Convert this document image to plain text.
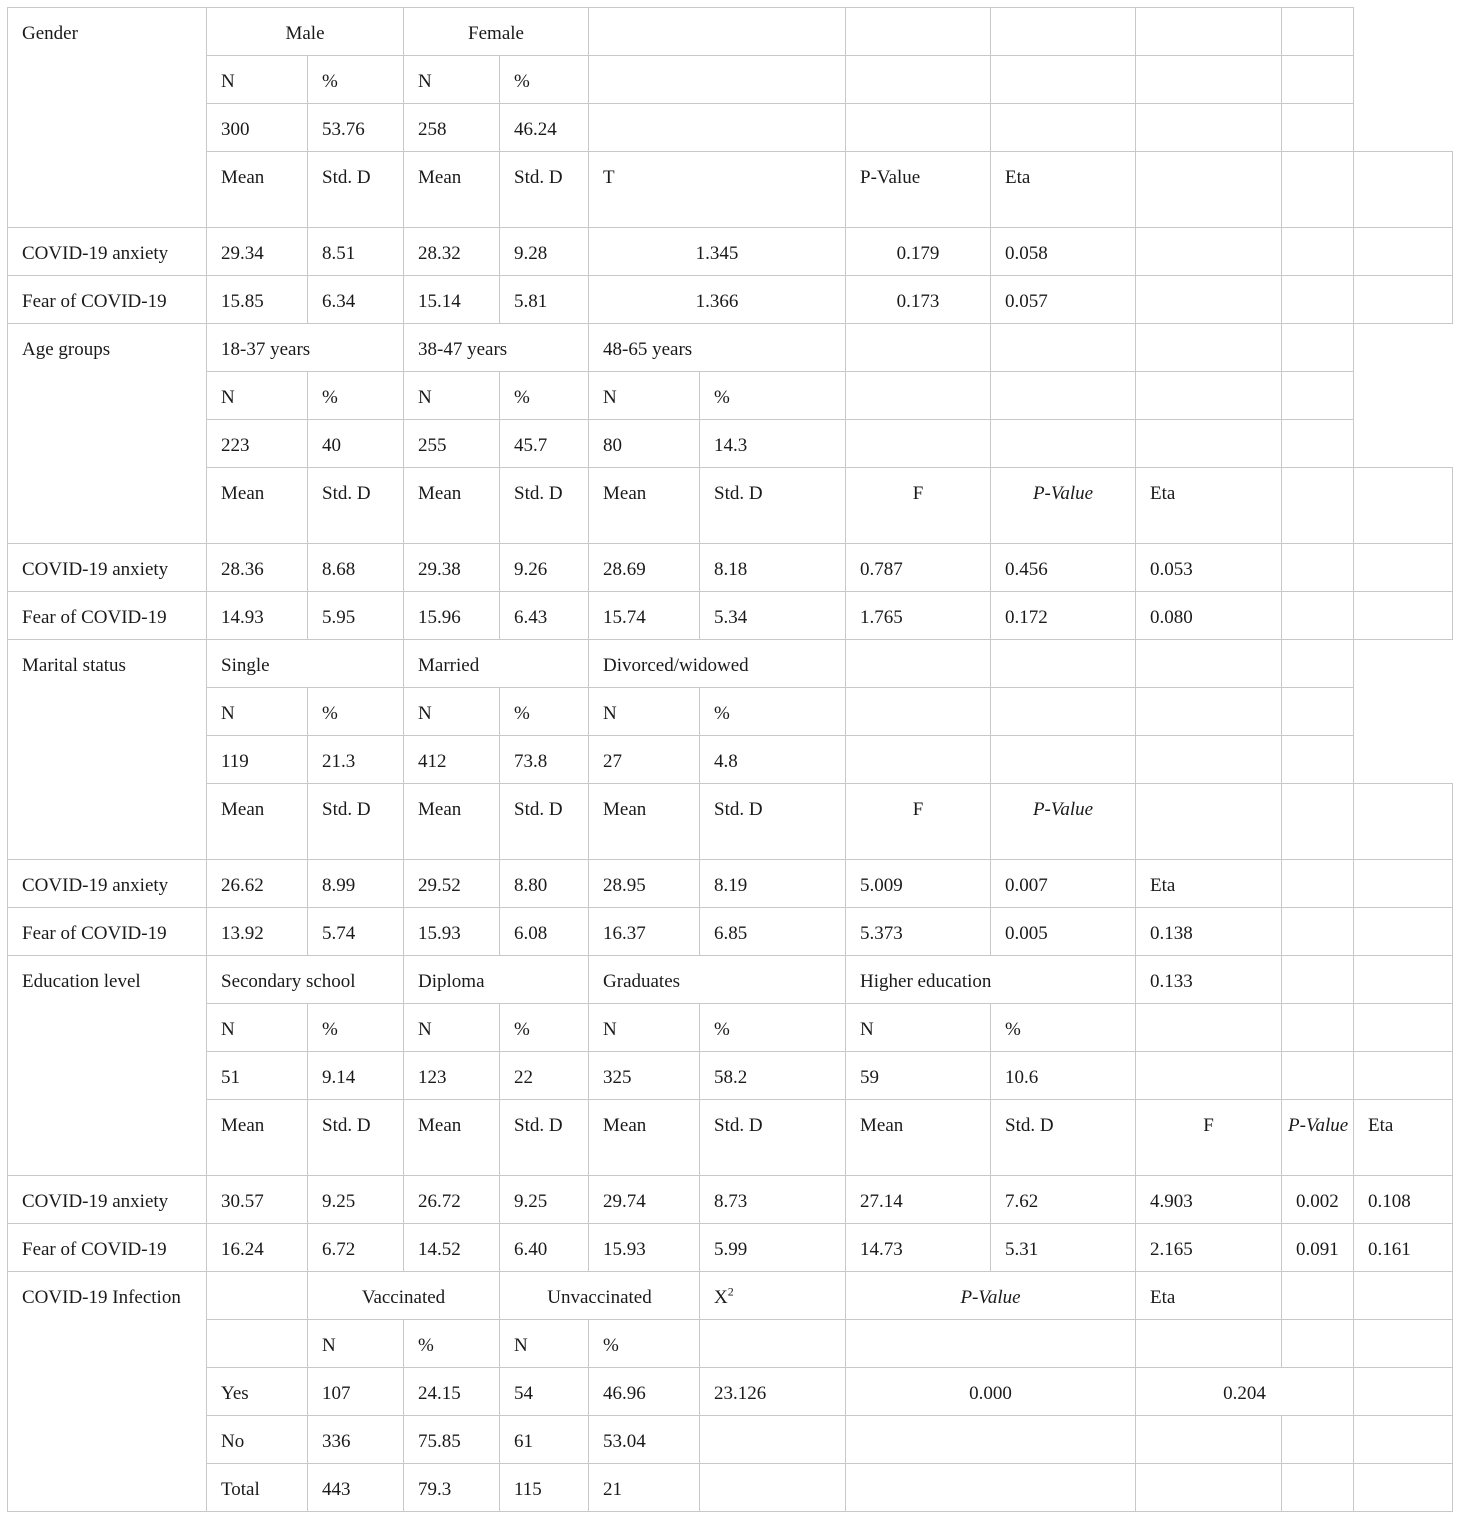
Gender	Male		Female								
	N	%	N	%							
	300	53.76	258	46.24							
	Mean	Std. D	Mean	Std. D	T		P-Value	Eta			
COVID-19 anxiety	29.34	8.51	28.32	9.28	1.345		0.179	0.058			
Fear of COVID-19	15.85	6.34	15.14	5.81	1.366		0.173	0.057			
Age groups	18-37 years		38-47 years		48-65 years						
	N	%	N	%	N	%					
	223	40	255	45.7	80	14.3					
	Mean	Std. D	Mean	Std. D	Mean	Std. D	F	P-Value	Eta		
COVID-19 anxiety	28.36	8.68	29.38	9.26	28.69	8.18	0.787	0.456	0.053		
Fear of COVID-19	14.93	5.95	15.96	6.43	15.74	5.34	1.765	0.172	0.080		
Marital status	Single		Married		Divorced/widowed						
	N	%	N	%	N	%					
	119	21.3	412	73.8	27	4.8					
	Mean	Std. D	Mean	Std. D	Mean	Std. D	F	P-Value			
COVID-19 anxiety	26.62	8.99	29.52	8.80	28.95	8.19	5.009	0.007	Eta		
Fear of COVID-19	13.92	5.74	15.93	6.08	16.37	6.85	5.373	0.005	0.138		
Education level	Secondary school		Diploma		Graduates		Higher education		0.133		
	N	%	N	%	N	%	N	%			
	51	9.14	123	22	325	58.2	59	10.6			
	Mean	Std. D	Mean	Std. D	Mean	Std. D	Mean	Std. D	F	P-Value	Eta
COVID-19 anxiety	30.57	9.25	26.72	9.25	29.74	8.73	27.14	7.62	4.903	0.002	0.108
Fear of COVID-19	16.24	6.72	14.52	6.40	15.93	5.99	14.73	5.31	2.165	0.091	0.161
COVID-19 Infection		Vaccinated		Unvaccinated		$X^2$	P-Value		Eta		
		N	%	N	%						
	Yes	107	24.15	54	46.96	23.126	0.000		0.204		
	No	336	75.85	61	53.04						
	Total	443	79.3	115	21						
